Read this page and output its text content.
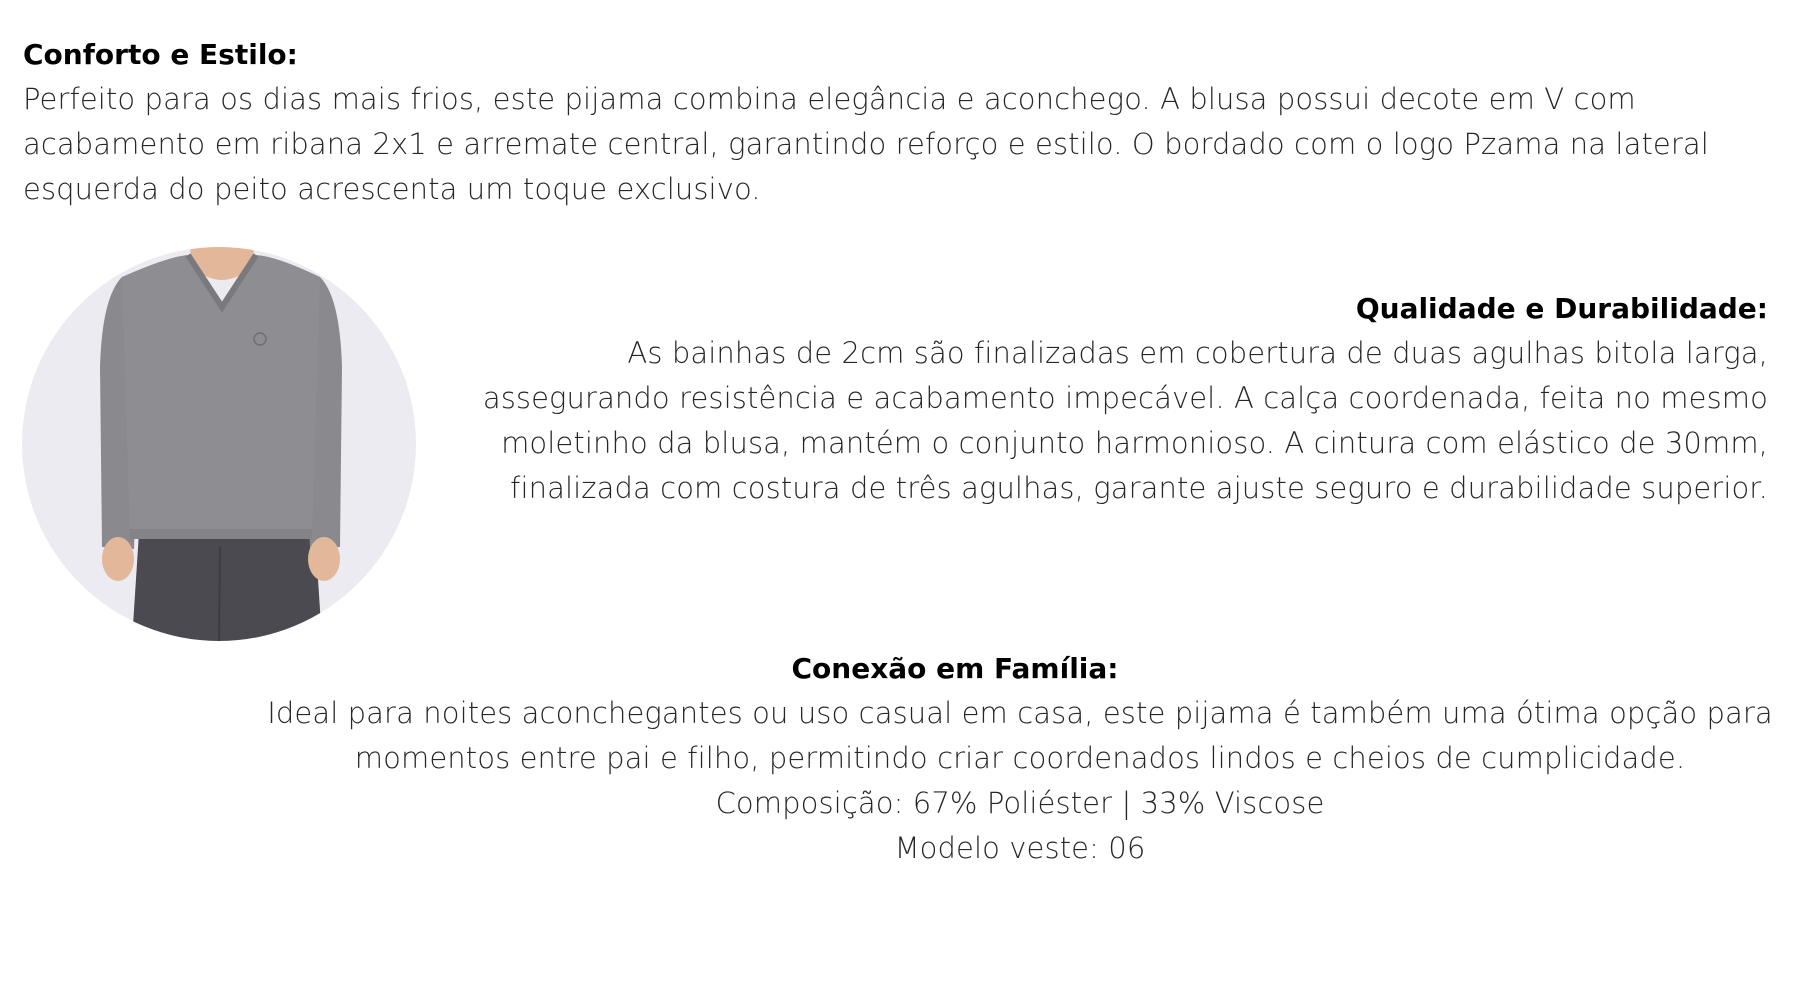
Conforto e Estilo:

Perfeito para os dias mais frios, este pijama combina elegância e aconchego. A blusa possui decote em V com acabamento em ribana 2x1 e arremate central, garantindo reforço e estilo. O bordado com o logo Pzama na lateral esquerda do peito acrescenta um toque exclusivo.

Qualidade e Durabilidade:

As bainhas de 2cm são finalizadas em cobertura de duas agulhas bitola larga, assegurando resistência e acabamento impecável. A calça coordenada, feita no mesmo moletinho da blusa, mantém o conjunto harmonioso. A cintura com elástico de 30mm, finalizada com costura de três agulhas, garante ajuste seguro e durabilidade superior.

Conexão em Família:

Ideal para noites aconchegantes ou uso casual em casa, este pijama é também uma ótima opção para

momentos entre pai e filho, permitindo criar coordenados lindos e cheios de cumplicidade.

Composição: 67% Poliéster | 33% Viscose

Modelo veste: 06
